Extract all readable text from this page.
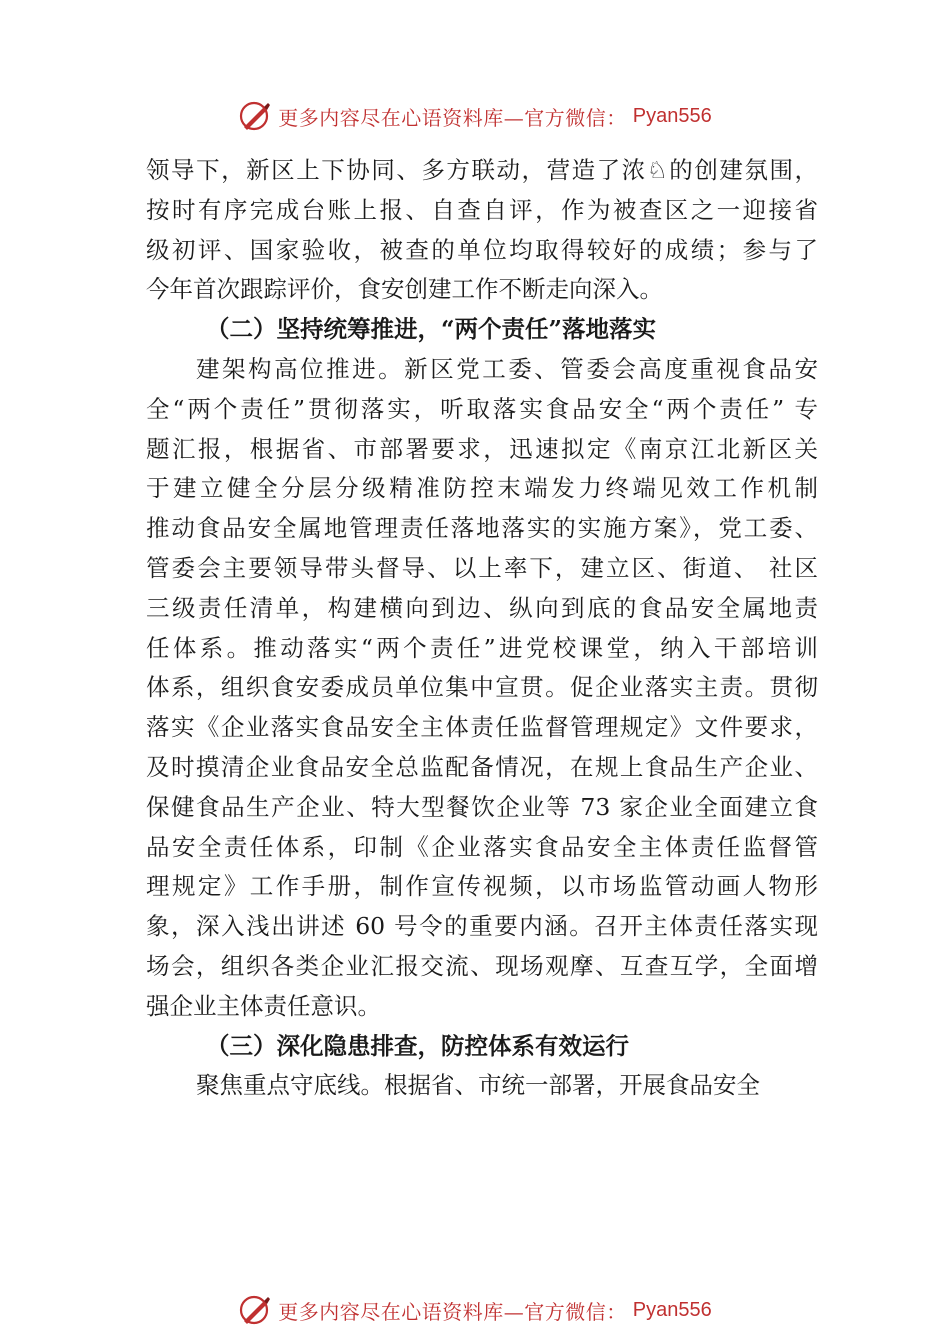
更多内容尽在心语资料库—官方微信： Pyan556
领导下，新区上下协同、多方联动，营造了浓♘的创建氛围，
按时有序完成台账上报、自查自评，作为被查区之一迎接省
级初评、国家验收，被查的单位均取得较好的成绩；参与了
今年首次跟踪评价，食安创建工作不断走向深入。
（二）坚持统筹推进，“两个责任”落地落实
建架构高位推进。新区党工委、管委会高度重视食品安
全“两个责任”贯彻落实，听取落实食品安全“两个责任” 专
题汇报，根据省、市部署要求，迅速拟定《南京江北新区关
于建立健全分层分级精准防控末端发力终端见效工作机制
推动食品安全属地管理责任落地落实的实施方案》，党工委、
管委会主要领导带头督导、以上率下，建立区、街道、 社区
三级责任清单，构建横向到边、纵向到底的食品安全属地责
任体系。推动落实“两个责任”进党校课堂，纳入干部培训
体系，组织食安委成员单位集中宣贯。促企业落实主责。贯彻
落实《企业落实食品安全主体责任监督管理规定》文件要求，
及时摸清企业食品安全总监配备情况，在规上食品生产企业、
保健食品生产企业、特大型餐饮企业等 73 家企业全面建立食
品安全责任体系，印制《企业落实食品安全主体责任监督管
理规定》工作手册，制作宣传视频，以市场监管动画人物形
象，深入浅出讲述 60 号令的重要内涵。召开主体责任落实现
场会，组织各类企业汇报交流、现场观摩、互查互学，全面增
强企业主体责任意识。
（三）深化隐患排查，防控体系有效运行
聚焦重点守底线。根据省、市统一部署，开展食品安全
更多内容尽在心语资料库—官方微信： Pyan556
